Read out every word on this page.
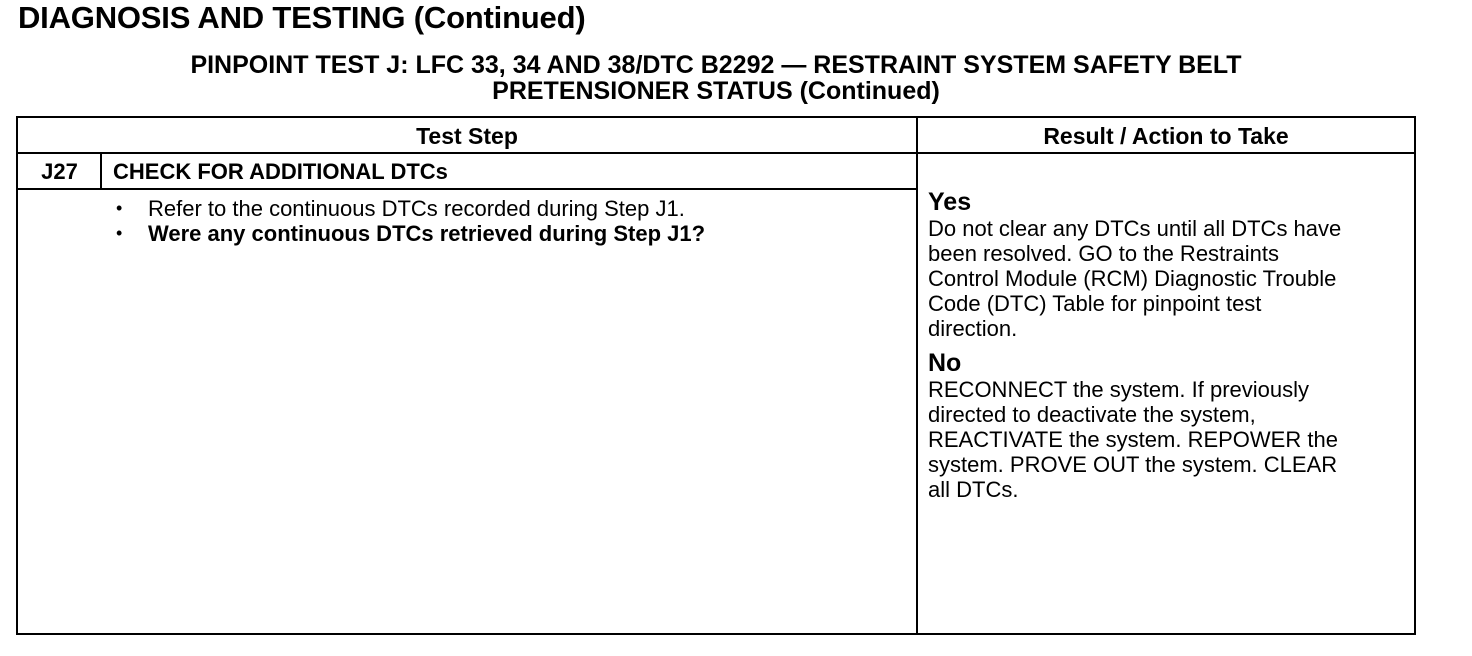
DIAGNOSIS AND TESTING (Continued)
PINPOINT TEST J: LFC 33, 34 AND 38/DTC B2292 — RESTRAINT SYSTEM SAFETY BELT
PRETENSIONER STATUS (Continued)
Test Step	Result / Action to Take
J27	CHECK FOR ADDITIONAL DTCs
• Refer to the continuous DTCs recorded during Step J1.
• Were any continuous DTCs retrieved during Step J1?
Yes
Do not clear any DTCs until all DTCs have
been resolved. GO to the Restraints
Control Module (RCM) Diagnostic Trouble
Code (DTC) Table for pinpoint test
direction.
No
RECONNECT the system. If previously
directed to deactivate the system,
REACTIVATE the system. REPOWER the
system. PROVE OUT the system. CLEAR
all DTCs.
